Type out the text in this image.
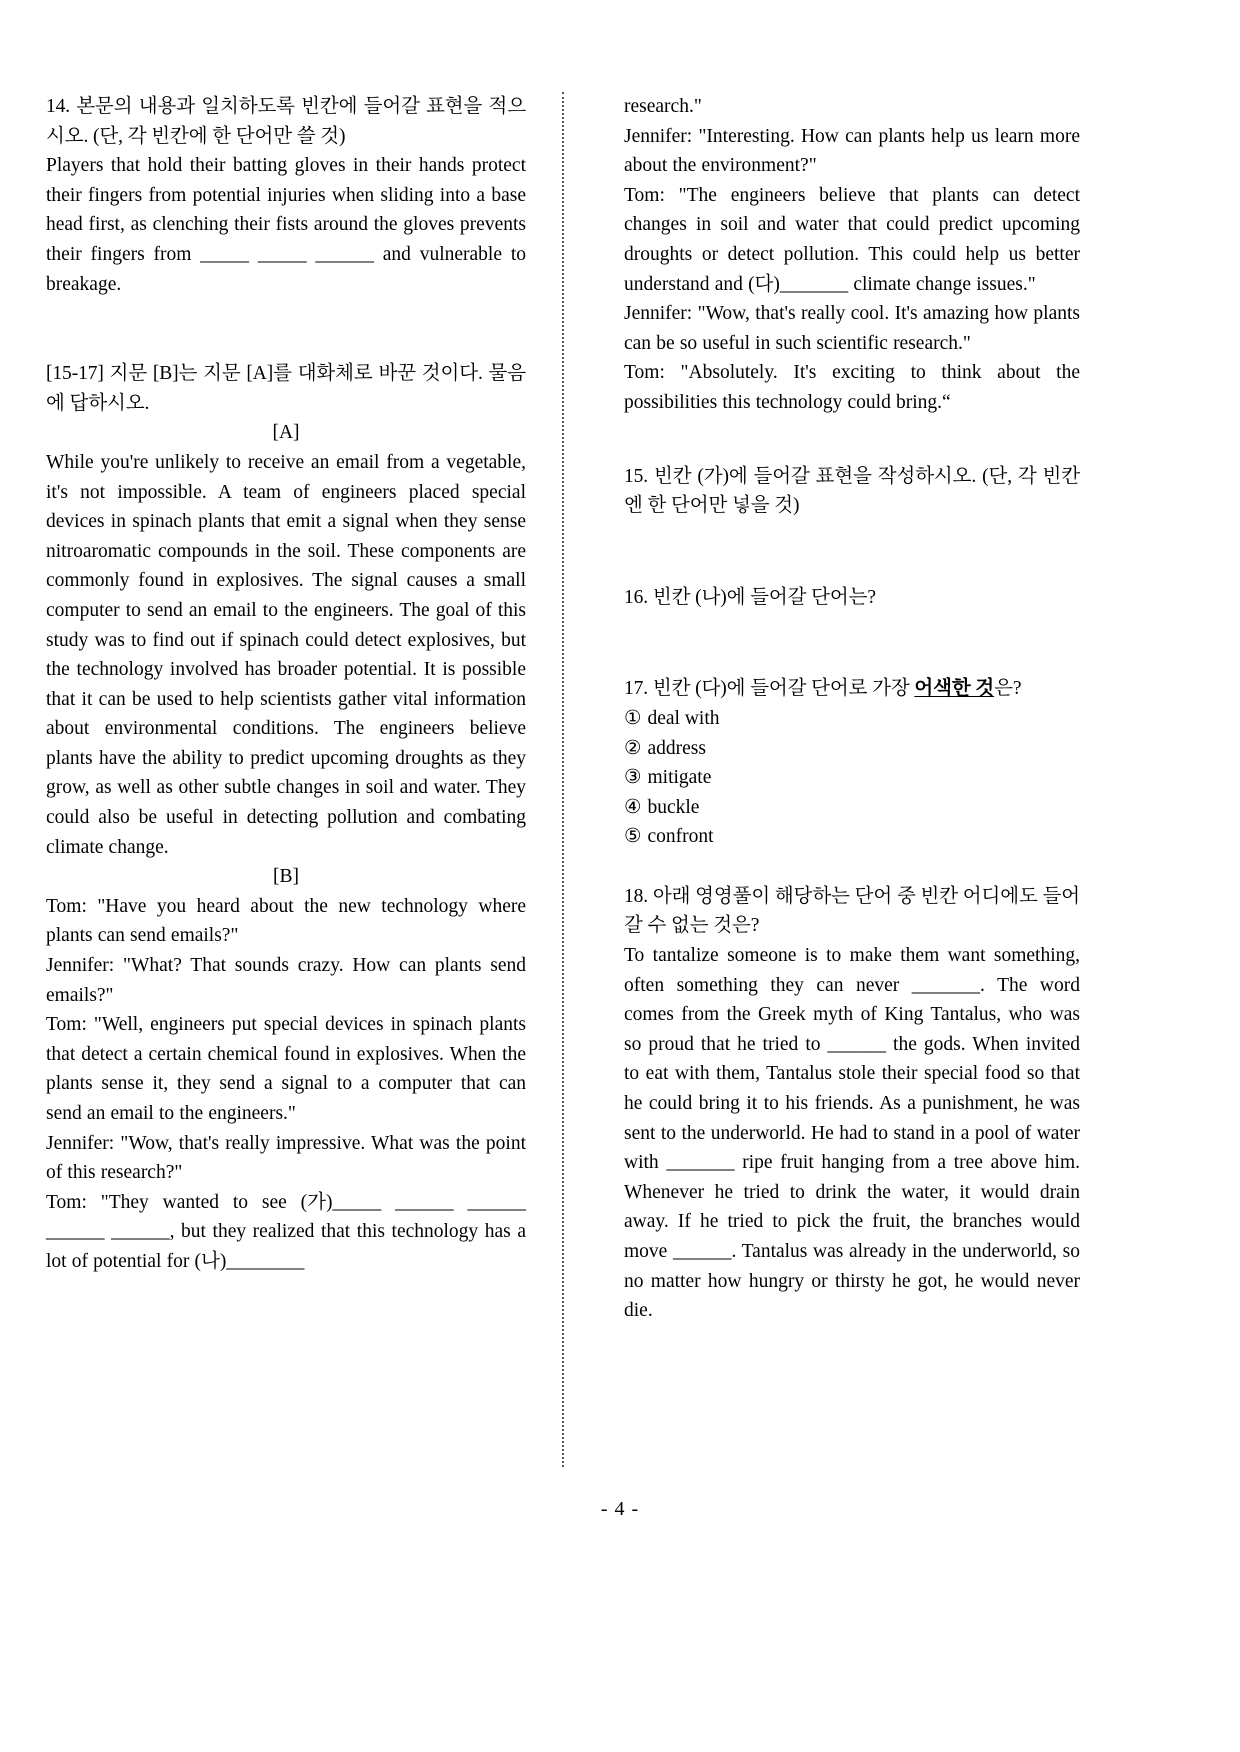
14. 본문의 내용과 일치하도록 빈칸에 들어갈 표현을 적으시오. (단, 각 빈칸에 한 단어만 쓸 것)

Players that hold their batting gloves in their hands protect their fingers from potential injuries when sliding into a base head first, as clenching their fists around the gloves prevents their fingers from _____ _____ ______ and vulnerable to breakage.

[15-17] 지문 [B]는 지문 [A]를 대화체로 바꾼 것이다. 물음에 답하시오.

[A]

While you're unlikely to receive an email from a vegetable, it's not impossible. A team of engineers placed special devices in spinach plants that emit a signal when they sense nitroaromatic compounds in the soil. These components are commonly found in explosives. The signal causes a small computer to send an email to the engineers. The goal of this study was to find out if spinach could detect explosives, but the technology involved has broader potential. It is possible that it can be used to help scientists gather vital information about environmental conditions. The engineers believe plants have the ability to predict upcoming droughts as they grow, as well as other subtle changes in soil and water. They could also be useful in detecting pollution and combating climate change.

[B]

Tom: "Have you heard about the new technology where plants can send emails?"

Jennifer: "What? That sounds crazy. How can plants send emails?"

Tom: "Well, engineers put special devices in spinach plants that detect a certain chemical found in explosives. When the plants sense it, they send a signal to a computer that can send an email to the engineers."

Jennifer: "Wow, that's really impressive. What was the point of this research?"

Tom: "They wanted to see (가)_____ ______ ______ ______ ______, but they realized that this technology has a lot of potential for (나)________

research."

Jennifer: "Interesting. How can plants help us learn more about the environment?"

Tom: "The engineers believe that plants can detect changes in soil and water that could predict upcoming droughts or detect pollution. This could help us better understand and (다)_______ climate change issues."

Jennifer: "Wow, that's really cool. It's amazing how plants can be so useful in such scientific research."

Tom: "Absolutely. It's exciting to think about the possibilities this technology could bring.“

15. 빈칸 (가)에 들어갈 표현을 작성하시오. (단, 각 빈칸엔 한 단어만 넣을 것)

16. 빈칸 (나)에 들어갈 단어는?

17. 빈칸 (다)에 들어갈 단어로 가장 어색한 것은?

① deal with

② address

③ mitigate

④ buckle

⑤ confront

18. 아래 영영풀이 해당하는 단어 중 빈칸 어디에도 들어갈 수 없는 것은?

To tantalize someone is to make them want something, often something they can never _______. The word comes from the Greek myth of King Tantalus, who was so proud that he tried to ______ the gods. When invited to eat with them, Tantalus stole their special food so that he could bring it to his friends. As a punishment, he was sent to the underworld. He had to stand in a pool of water with _______ ripe fruit hanging from a tree above him. Whenever he tried to drink the water, it would drain away. If he tried to pick the fruit, the branches would move ______. Tantalus was already in the underworld, so no matter how hungry or thirsty he got, he would never die.

- 4 -
